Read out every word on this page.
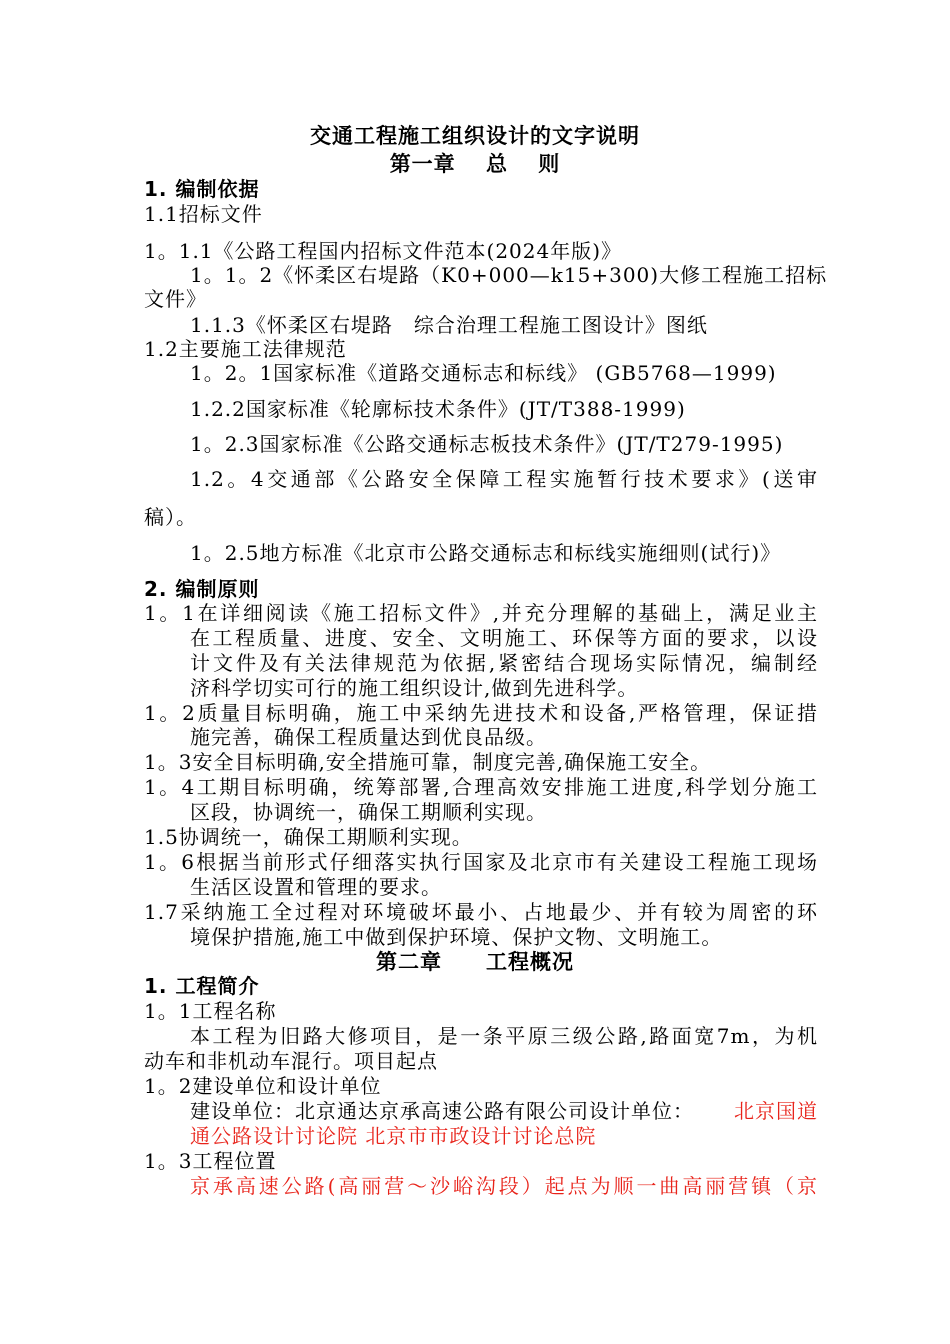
交通工程施工组织设计的文字说明
第一章　 总　 则
1. 编制依据
1.1招标文件
1。1.1《公路工程国内招标文件范本(2024年版)》
1。1。2《怀柔区右堤路（K0+000—k15+300)大修工程施工招标
文件》
1.1.3《怀柔区右堤路　综合治理工程施工图设计》图纸
1.2主要施工法律规范
1。2。1国家标准《道路交通标志和标线》 (GB5768—1999)
1.2.2国家标准《轮廓标技术条件》(JT/T388-1999)
1。2.3国家标准《公路交通标志板技术条件》(JT/T279-1995)
1.2。4交通部《公路安全保障工程实施暂行技术要求》(送审
稿）。
1。2.5地方标准《北京市公路交通标志和标线实施细则(试行)》
2. 编制原则
1。1在详细阅读《施工招标文件》,并充分理解的基础上，满足业主
在工程质量、进度、安全、文明施工、环保等方面的要求，以设
计文件及有关法律规范为依据,紧密结合现场实际情况，编制经
济科学切实可行的施工组织设计,做到先进科学。
1。2质量目标明确，施工中采纳先进技术和设备,严格管理，保证措
施完善，确保工程质量达到优良品级。
1。3安全目标明确,安全措施可靠，制度完善,确保施工安全。
1。4工期目标明确，统筹部署,合理高效安排施工进度,科学划分施工
区段，协调统一，确保工期顺利实现。
1.5协调统一，确保工期顺利实现。
1。6根据当前形式仔细落实执行国家及北京市有关建设工程施工现场
生活区设置和管理的要求。
1.7采纳施工全过程对环境破坏最小、占地最少、并有较为周密的环
境保护措施,施工中做到保护环境、保护文物、文明施工。
第二章　　工程概况
1. 工程简介
1。1工程名称
本工程为旧路大修项目，是一条平原三级公路,路面宽7m，为机
动车和非机动车混行。项目起点
1。2建设单位和设计单位
建设单位：北京通达京承高速公路有限公司设计单位： 北京国道
通公路设计讨论院 北京市市政设计讨论总院
1。3工程位置
京承高速公路(高丽营～沙峪沟段）起点为顺一曲高丽营镇（京
